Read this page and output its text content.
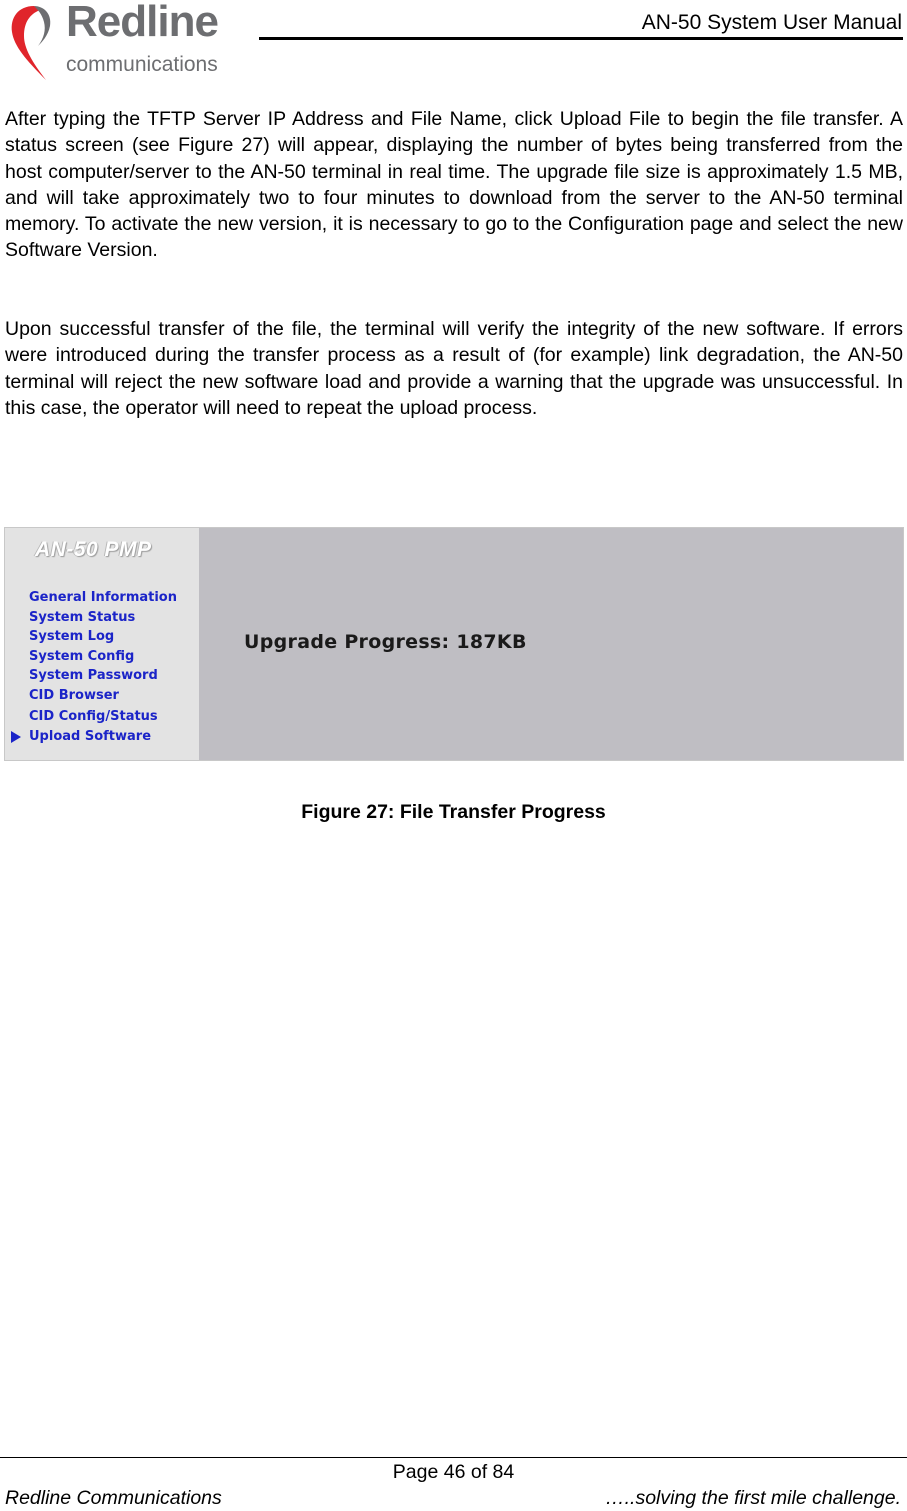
Redline
communications
AN-50 System User Manual
After typing the TFTP Server IP Address and File Name, click Upload File to begin the file transfer. A status screen (see Figure 27) will appear, displaying the number of bytes being transferred from the host computer/server to the AN-50 terminal in real time. The upgrade file size is approximately 1.5 MB, and will take approximately two to four minutes to download from the server to the AN-50 terminal memory. To activate the new version, it is necessary to go to the Configuration page and select the new Software Version.
Upon successful transfer of the file, the terminal will verify the integrity of the new software. If errors were introduced during the transfer process as a result of (for example) link degradation, the AN-50 terminal will reject the new software load and provide a warning that the upgrade was unsuccessful. In this case, the operator will need to repeat the upload process.
AN-50 PMP
General Information
System Status
System Log
System Config
System Password
CID Browser
CID Config/Status
Upload Software
Upgrade Progress: 187KB
Figure 27: File Transfer Progress
Page 46 of 84
Redline Communications	…..solving the first mile challenge.
